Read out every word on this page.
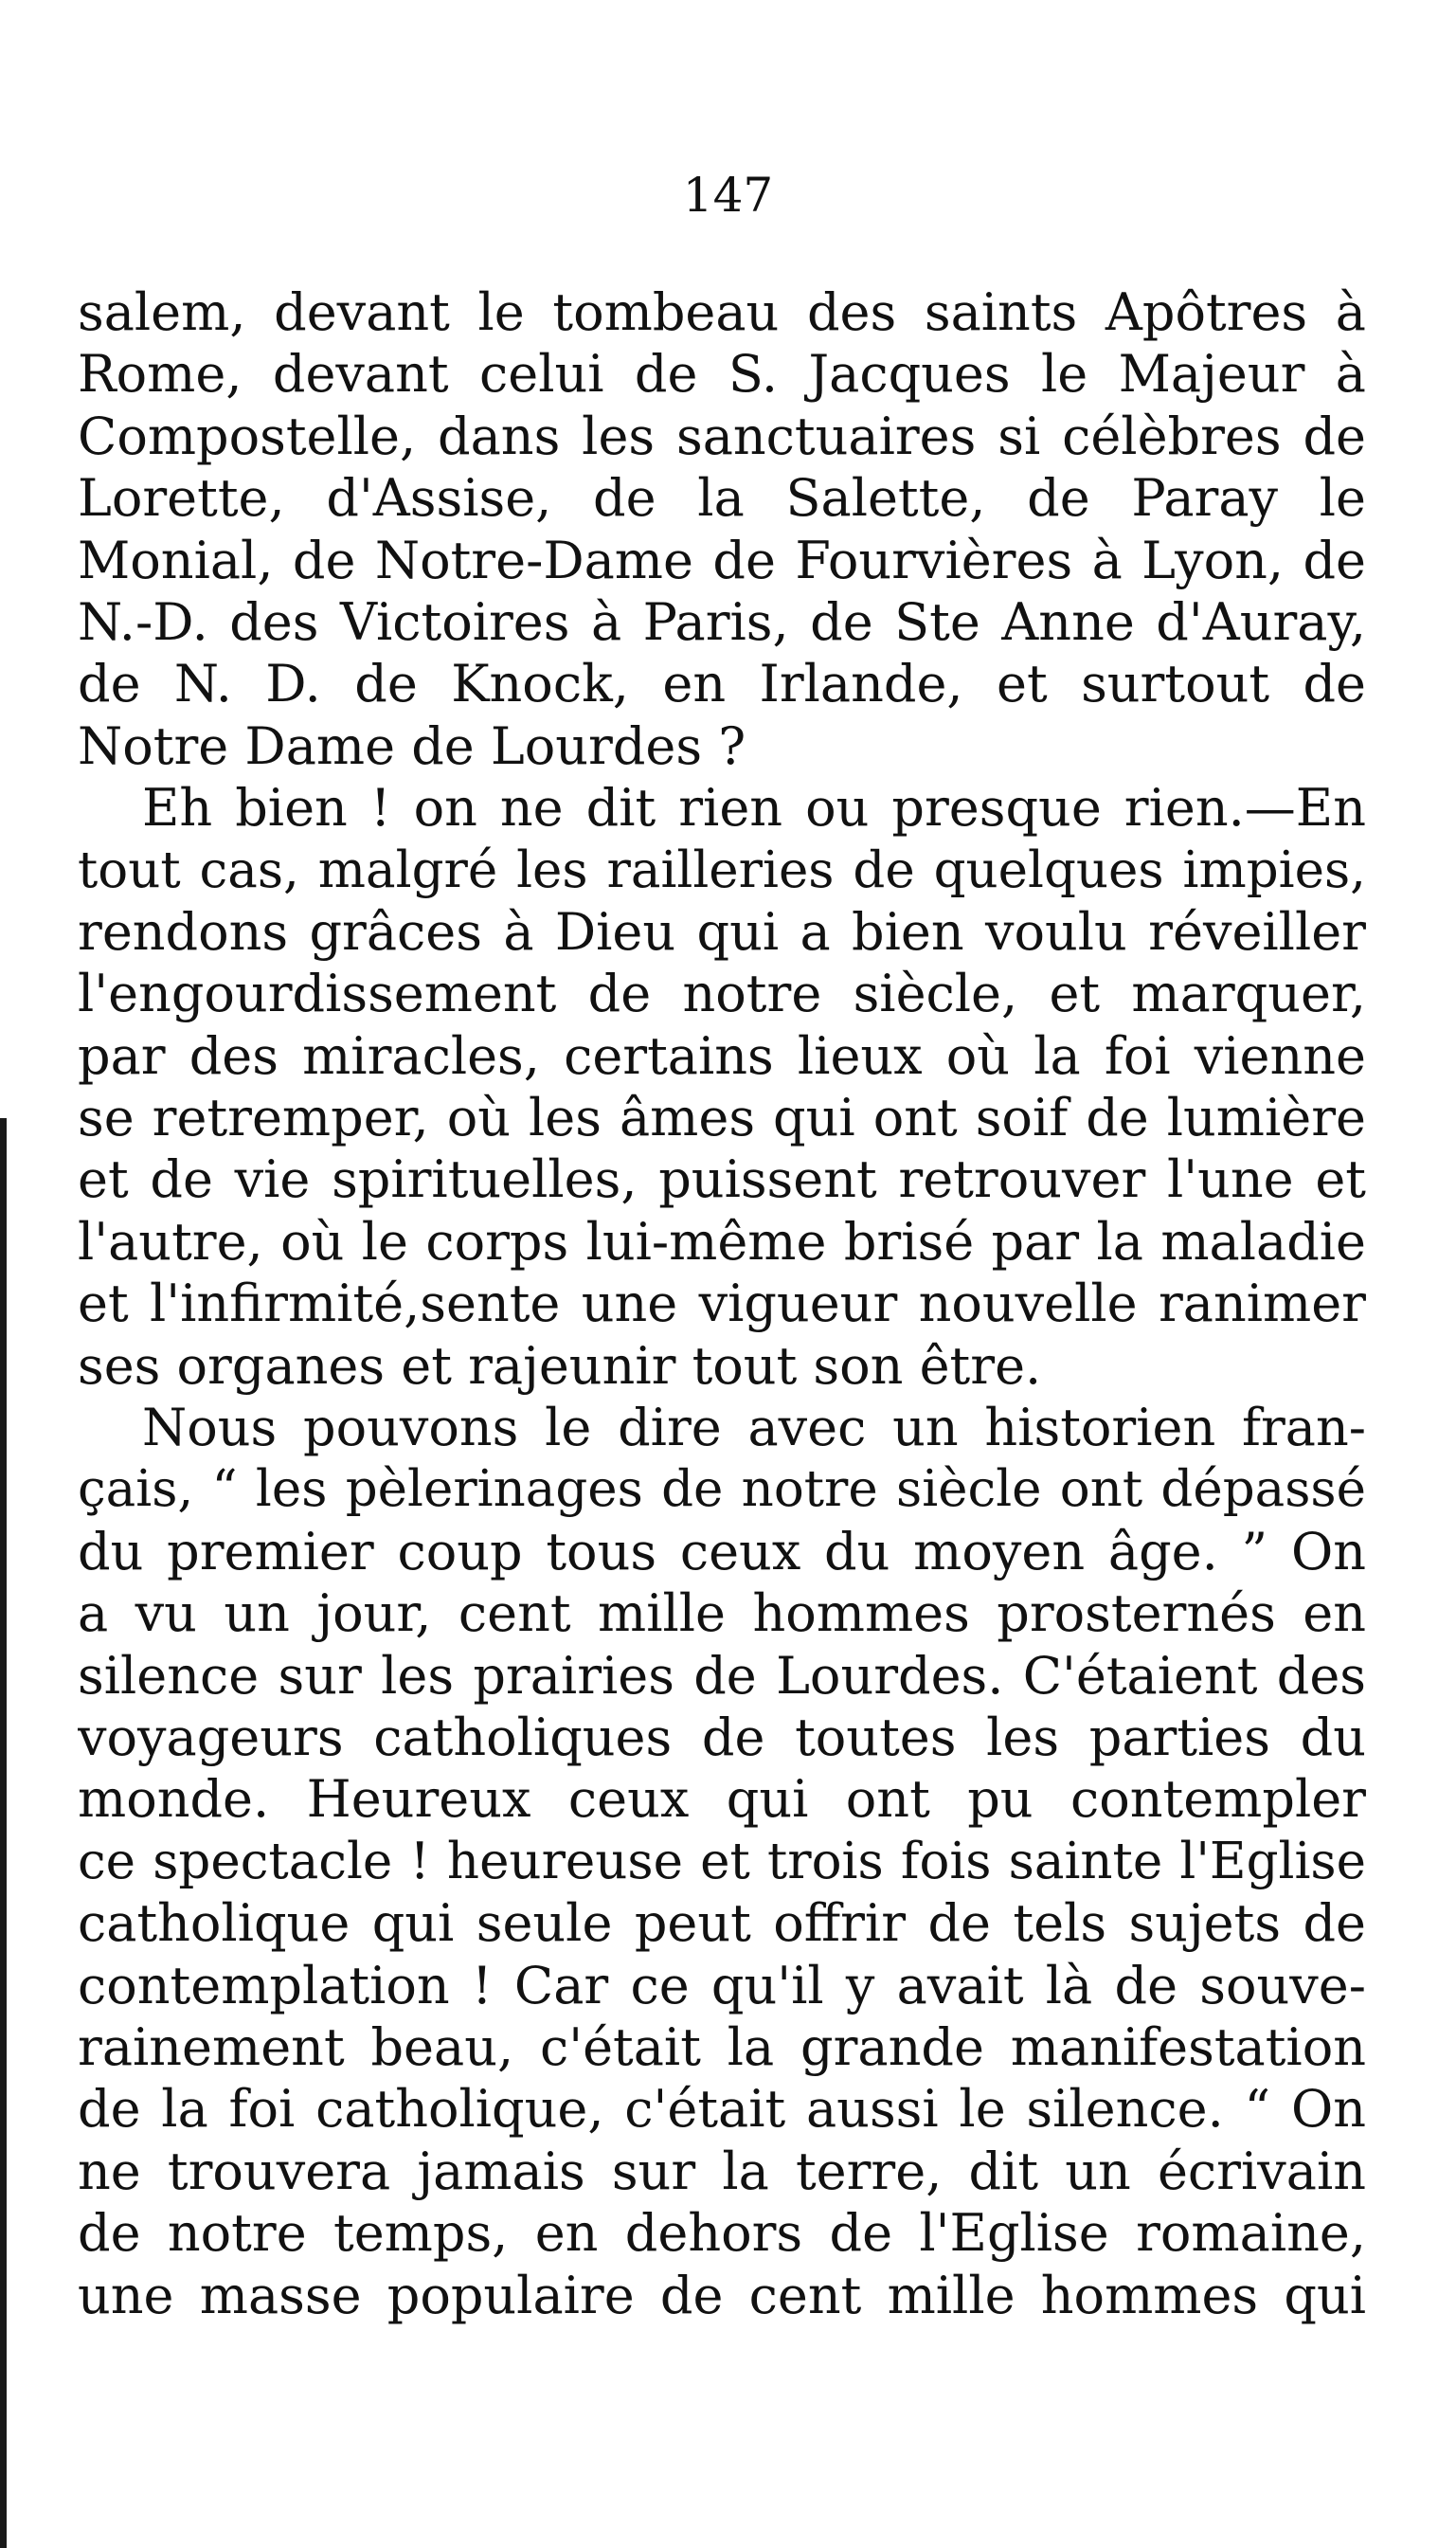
147
salem, devant le tombeau des saints Apôtres à
Rome, devant celui de S. Jacques le Majeur à
Compostelle, dans les sanctuaires si célèbres de
Lorette, d'Assise, de la Salette, de Paray le
Monial, de Notre-Dame de Fourvières à Lyon, de
N.-D. des Victoires à Paris, de Ste Anne d'Auray,
de N. D. de Knock, en Irlande, et surtout de
Notre Dame de Lourdes ?
Eh bien ! on ne dit rien ou presque rien.—En
tout cas, malgré les railleries de quelques impies,
rendons grâces à Dieu qui a bien voulu réveiller
l'engourdissement de notre siècle, et marquer,
par des miracles, certains lieux où la foi vienne
se retremper, où les âmes qui ont soif de lumière
et de vie spirituelles, puissent retrouver l'une et
l'autre, où le corps lui-même brisé par la maladie
et l'infirmité,sente une vigueur nouvelle ranimer
ses organes et rajeunir tout son être.
Nous pouvons le dire avec un historien fran-
çais, “ les pèlerinages de notre siècle ont dépassé
du premier coup tous ceux du moyen âge. ” On
a vu un jour, cent mille hommes prosternés en
silence sur les prairies de Lourdes. C'étaient des
voyageurs catholiques de toutes les parties du
monde. Heureux ceux qui ont pu contempler
ce spectacle ! heureuse et trois fois sainte l'Eglise
catholique qui seule peut offrir de tels sujets de
contemplation ! Car ce qu'il y avait là de souve-
rainement beau, c'était la grande manifestation
de la foi catholique, c'était aussi le silence. “ On
ne trouvera jamais sur la terre, dit un écrivain
de notre temps, en dehors de l'Eglise romaine,
une masse populaire de cent mille hommes qui
